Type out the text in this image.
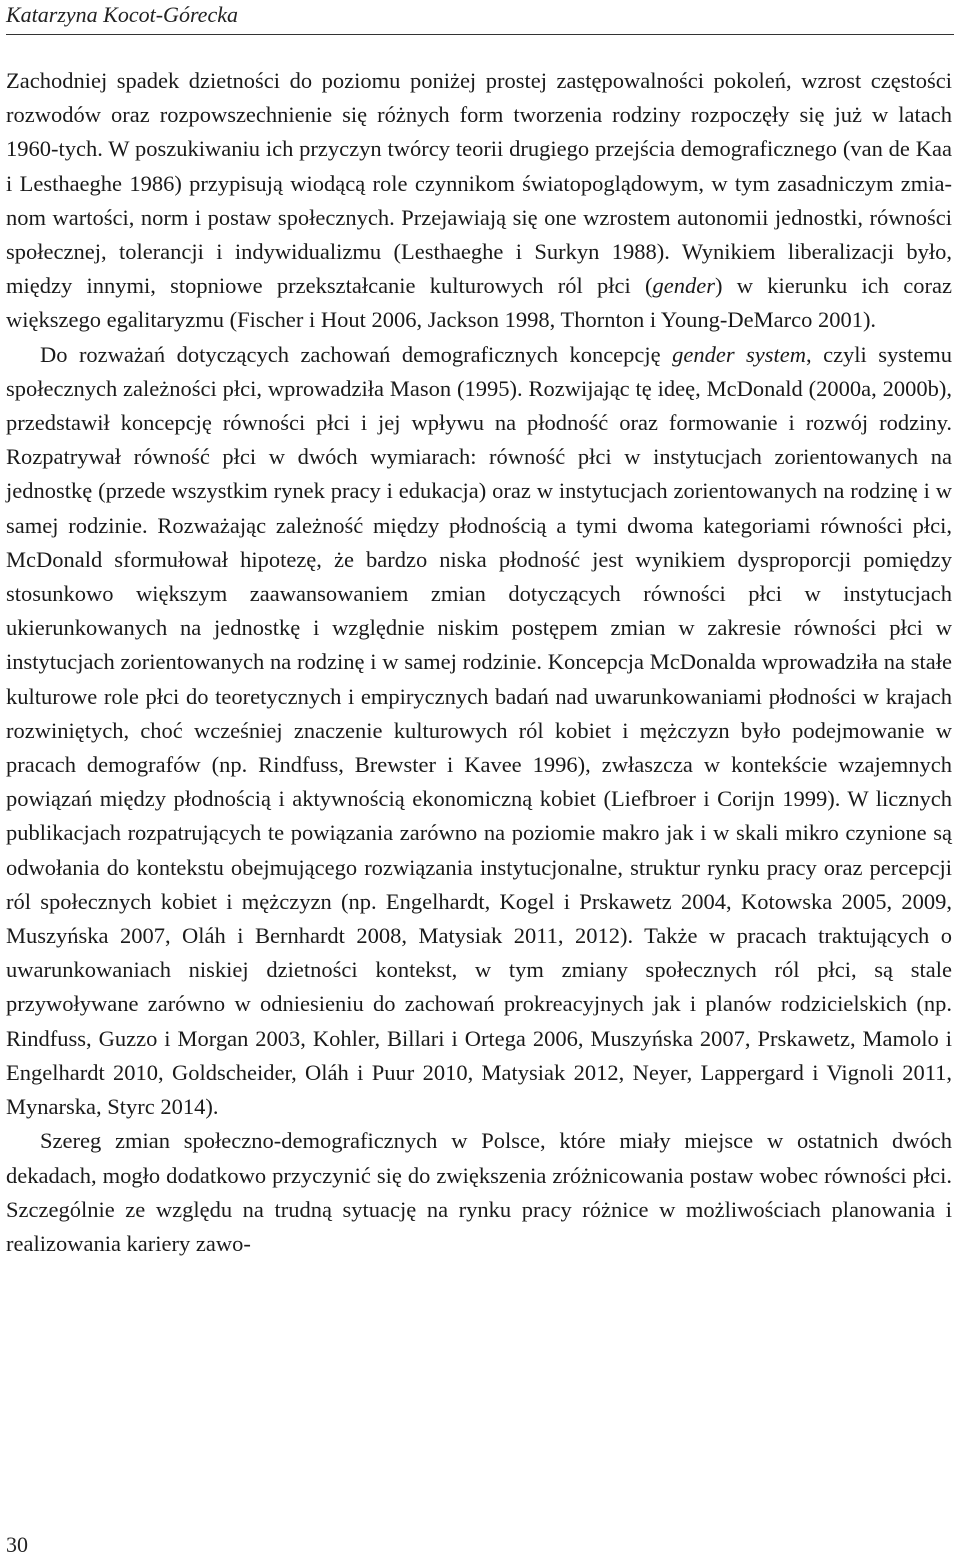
Katarzyna Kocot-Górecka

Zachodniej spadek dzietności do poziomu poniżej prostej zastępowalności pokoleń, wzrost częstości rozwodów oraz rozpowszechnienie się różnych form tworzenia rodziny rozpoczęły się już w latach 1960-tych. W poszukiwaniu ich przyczyn twórcy teorii drugiego przejścia demograficznego (van de Kaa i Lesthaeghe 1986) przypisują wiodącą role czynnikom światopoglądowym, w tym zasadniczym zmianom wartości, norm i postaw społecznych. Przejawiają się one wzrostem autonomii jednostki, równości społecznej, tolerancji i indywidualizmu (Lesthaeghe i Surkyn 1988). Wynikiem liberalizacji było, między innymi, stopniowe przekształcanie kulturowych ról płci (gender) w kierunku ich coraz większego egalitaryzmu (Fischer i Hout 2006, Jackson 1998, Thornton i Young-DeMarco 2001).

Do rozważań dotyczących zachowań demograficznych koncepcję gender system, czyli systemu społecznych zależności płci, wprowadziła Mason (1995). Rozwijając tę ideę, McDonald (2000a, 2000b), przedstawił koncepcję równości płci i jej wpływu na płodność oraz formowanie i rozwój rodziny. Rozpatrywał równość płci w dwóch wymiarach: równość płci w instytucjach zorientowanych na jednostkę (przede wszystkim rynek pracy i edukacja) oraz w instytucjach zorientowanych na rodzinę i w samej rodzinie. Rozważając zależność między płodnością a tymi dwoma kategoriami równości płci, McDonald sformułował hipotezę, że bardzo niska płodność jest wynikiem dysproporcji pomiędzy stosunkowo większym zaawansowaniem zmian dotyczących równości płci w instytucjach ukierunkowanych na jednostkę i względnie niskim postępem zmian w zakresie równości płci w instytucjach zorientowanych na rodzinę i w samej rodzinie. Koncepcja McDonalda wprowadziła na stałe kulturowe role płci do teoretycznych i empirycznych badań nad uwarunkowaniami płodności w krajach rozwiniętych, choć wcześniej znaczenie kulturowych ról kobiet i mężczyzn było podejmowanie w pracach demografów (np. Rindfuss, Brewster i Kavee 1996), zwłaszcza w kontekście wzajemnych powiązań między płodnością i aktywnością ekonomiczną kobiet (Liefbroer i Corijn 1999). W licznych publikacjach rozpatrujących te powiązania zarówno na poziomie makro jak i w skali mikro czynione są odwołania do kontekstu obejmującego rozwiązania instytucjonalne, struktur rynku pracy oraz percepcji ról społecznych kobiet i mężczyzn (np. Engelhardt, Kogel i Prskawetz 2004, Kotowska 2005, 2009, Muszyńska 2007, Oláh i Bernhardt 2008, Matysiak 2011, 2012). Także w pracach traktujących o uwarunkowaniach niskiej dzietności kontekst, w tym zmiany społecznych ról płci, są stale przywoływane zarówno w odniesieniu do zachowań prokreacyjnych jak i planów rodzicielskich (np. Rindfuss, Guzzo i Morgan 2003, Kohler, Billari i Ortega 2006, Muszyńska 2007, Prskawetz, Mamolo i Engelhardt 2010, Goldscheider, Oláh i Puur 2010, Matysiak 2012, Neyer, Lappergard i Vignoli 2011, Mynarska, Styrc 2014).

Szereg zmian społeczno-demograficznych w Polsce, które miały miejsce w ostatnich dwóch dekadach, mogło dodatkowo przyczynić się do zwiększenia zróżnicowania postaw wobec równości płci. Szczególnie ze względu na trudną sytuację na rynku pracy różnice w możliwościach planowania i realizowania kariery zawo-

30
